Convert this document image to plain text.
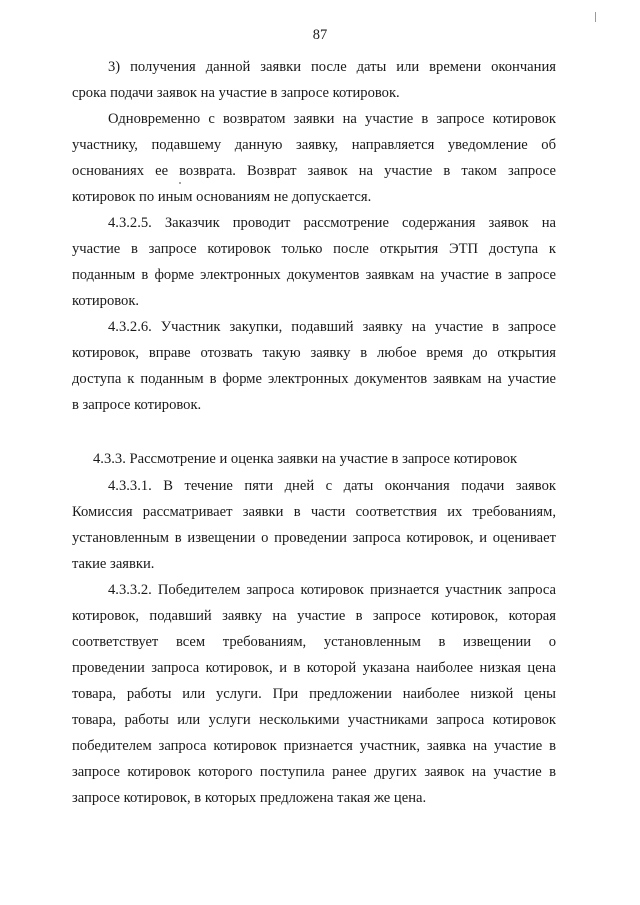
87
3) получения данной заявки после даты или времени окончания
срока подачи заявок на участие в запросе котировок.
Одновременно с возвратом заявки на участие в запросе котировок
участнику, подавшему данную заявку, направляется уведомление об
основаниях ее возврата. Возврат заявок на участие в таком запросе
котировок по иным основаниям не допускается.
4.3.2.5. Заказчик проводит рассмотрение содержания заявок на
участие в запросе котировок только после открытия ЭТП доступа к
поданным в форме электронных документов заявкам на участие в запросе
котировок.
4.3.2.6. Участник закупки, подавший заявку на участие в запросе
котировок, вправе отозвать такую заявку в любое время до открытия
доступа к поданным в форме электронных документов заявкам на участие
в запросе котировок.
4.3.3. Рассмотрение и оценка заявки на участие в запросе котировок
4.3.3.1. В течение пяти дней с даты окончания подачи заявок
Комиссия рассматривает заявки в части соответствия их требованиям,
установленным в извещении о проведении запроса котировок, и оценивает
такие заявки.
4.3.3.2. Победителем запроса котировок признается участник запроса
котировок, подавший заявку на участие в запросе котировок, которая
соответствует всем требованиям, установленным в извещении о
проведении запроса котировок, и в которой указана наиболее низкая цена
товара, работы или услуги. При предложении наиболее низкой цены
товара, работы или услуги несколькими участниками запроса котировок
победителем запроса котировок признается участник, заявка на участие в
запросе котировок которого поступила ранее других заявок на участие в
запросе котировок, в которых предложена такая же цена.
